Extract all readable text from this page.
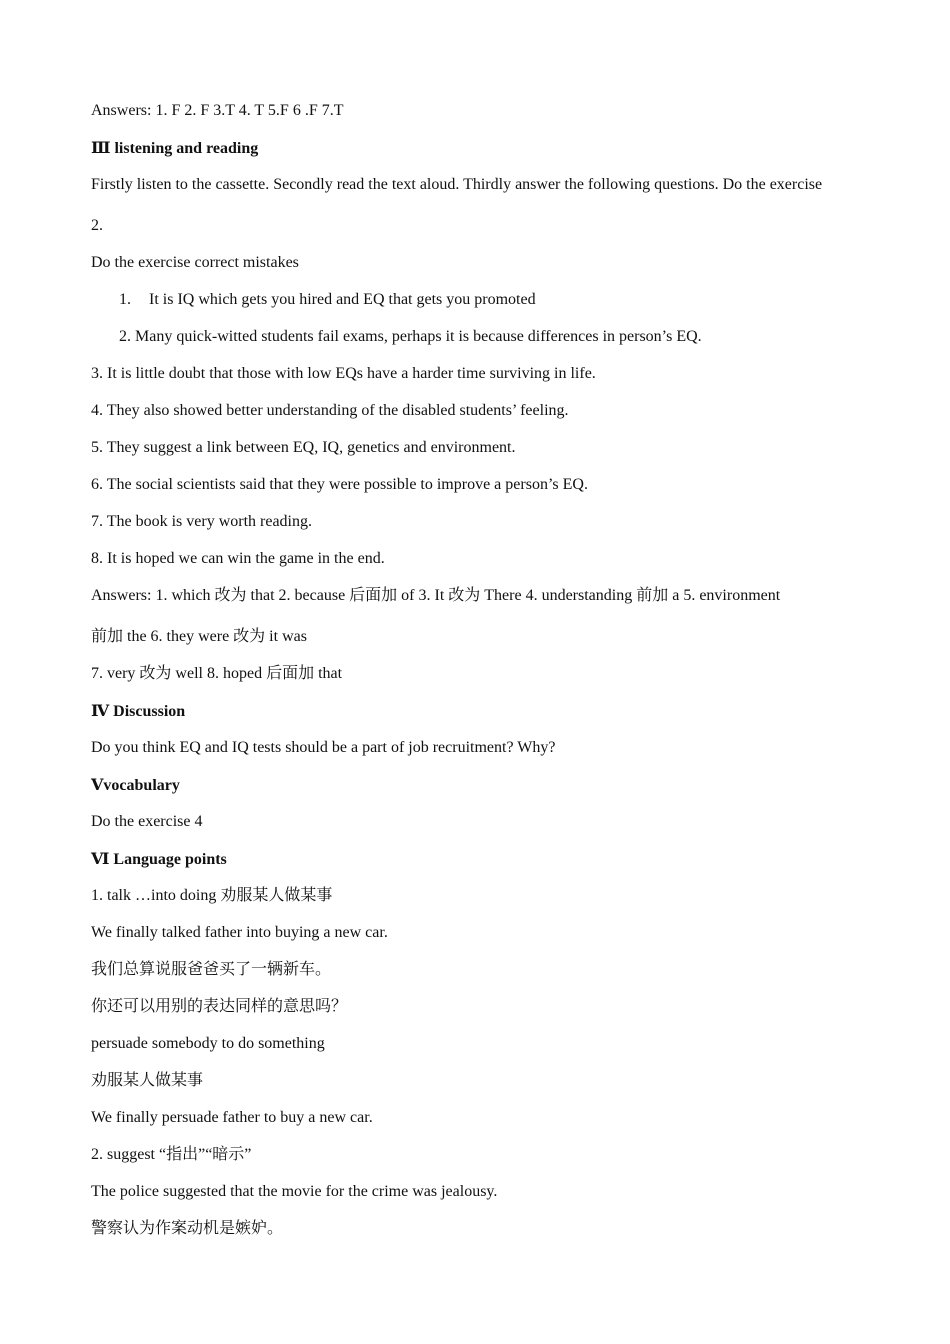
Answers: 1. F 2. F 3.T 4. T 5.F 6 .F 7.T
Ⅲ listening and reading
Firstly listen to the cassette. Secondly read the text aloud. Thirdly answer the following questions. Do the exercise
2.
Do the exercise correct mistakes
1. It is IQ which gets you hired and EQ that gets you promoted
2. Many quick-witted students fail exams, perhaps it is because differences in person’s EQ.
3. It is little doubt that those with low EQs have a harder time surviving in life.
4. They also showed better understanding of the disabled students’ feeling.
5. They suggest a link between EQ, IQ, genetics and environment.
6. The social scientists said that they were possible to improve a person’s EQ.
7. The book is very worth reading.
8. It is hoped we can win the game in the end.
Answers: 1. which 改为 that 2. because 后面加 of 3. It 改为 There 4. understanding 前加 a 5. environment
前加 the 6. they were 改为 it was
7. very 改为 well 8. hoped 后面加 that
Ⅳ Discussion
Do you think EQ and IQ tests should be a part of job recruitment? Why?
Ⅴvocabulary
Do the exercise 4
Ⅵ Language points
1. talk …into doing 劝服某人做某事
We finally talked father into buying a new car.
我们总算说服爸爸买了一辆新车。
你还可以用别的表达同样的意思吗？
persuade somebody to do something
劝服某人做某事
We finally persuade father to buy a new car.
2. suggest “指出”“暗示”
The police suggested that the movie for the crime was jealousy.
警察认为作案动机是嫉妒。
